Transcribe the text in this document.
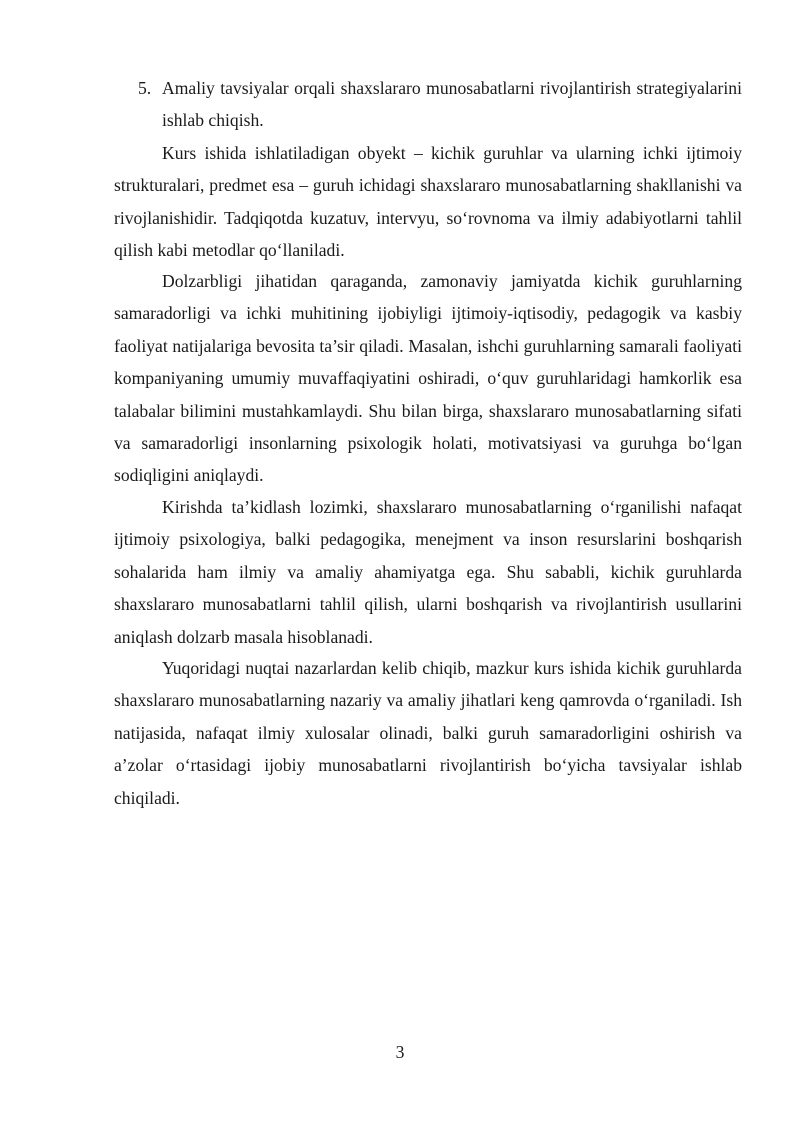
5. Amaliy tavsiyalar orqali shaxslararo munosabatlarni rivojlantirish strategiyalarini ishlab chiqish.

Kurs ishida ishlatiladigan obyekt – kichik guruhlar va ularning ichki ijtimoiy strukturalari, predmet esa – guruh ichidagi shaxslararo munosabatlarning shakllanishi va rivojlanishidir. Tadqiqotda kuzatuv, intervyu, so‘rovnoma va ilmiy adabiyotlarni tahlil qilish kabi metodlar qo‘llaniladi.

Dolzarbligi jihatidan qaraganda, zamonaviy jamiyatda kichik guruhlarning samaradorligi va ichki muhitining ijobiyligi ijtimoiy-iqtisodiy, pedagogik va kasbiy faoliyat natijalariga bevosita ta’sir qiladi. Masalan, ishchi guruhlarning samarali faoliyati kompaniyaning umumiy muvaffaqiyatini oshiradi, o‘quv guruhlaridagi hamkorlik esa talabalar bilimini mustahkamlaydi. Shu bilan birga, shaxslararo munosabatlarning sifati va samaradorligi insonlarning psixologik holati, motivatsiyasi va guruhga bo‘lgan sodiqligini aniqlaydi.

Kirishda ta’kidlash lozimki, shaxslararo munosabatlarning o‘rganilishi nafaqat ijtimoiy psixologiya, balki pedagogika, menejment va inson resurslarini boshqarish sohalarida ham ilmiy va amaliy ahamiyatga ega. Shu sababli, kichik guruhlarda shaxslararo munosabatlarni tahlil qilish, ularni boshqarish va rivojlantirish usullarini aniqlash dolzarb masala hisoblanadi.

Yuqoridagi nuqtai nazarlardan kelib chiqib, mazkur kurs ishida kichik guruhlarda shaxslararo munosabatlarning nazariy va amaliy jihatlari keng qamrovda o‘rganiladi. Ish natijasida, nafaqat ilmiy xulosalar olinadi, balki guruh samaradorligini oshirish va a’zolar o‘rtasidagi ijobiy munosabatlarni rivojlantirish bo‘yicha tavsiyalar ishlab chiqiladi.

3
